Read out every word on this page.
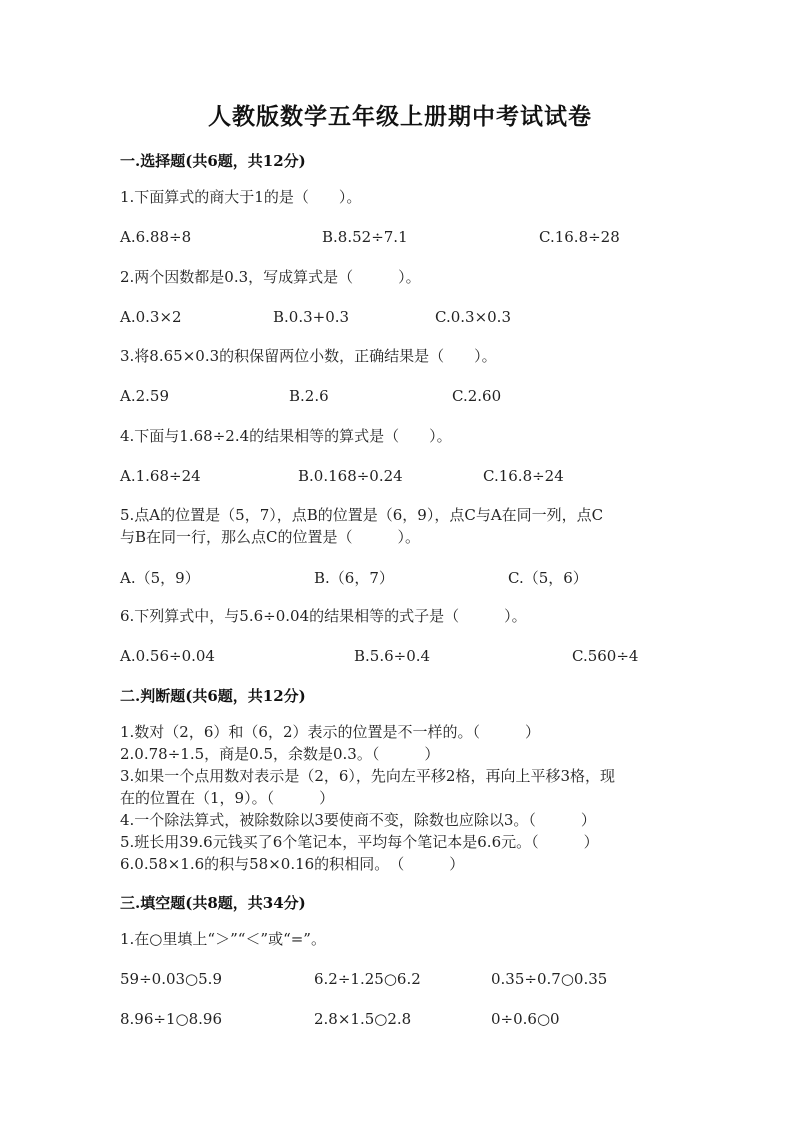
人教版数学五年级上册期中考试试卷
一.选择题(共6题，共12分)
1.下面算式的商大于1的是（　　）。
A.6.88÷8	B.8.52÷7.1	C.16.8÷28
2.两个因数都是0.3，写成算式是（　　　）。
A.0.3×2	B.0.3+0.3	C.0.3×0.3
3.将8.65×0.3的积保留两位小数，正确结果是（　　）。
A.2.59	B.2.6	C.2.60
4.下面与1.68÷2.4的结果相等的算式是（　　）。
A.1.68÷24	B.0.168÷0.24	C.16.8÷24
5.点A的位置是（5，7），点B的位置是（6，9），点C与A在同一列，点C
与B在同一行，那么点C的位置是（　　　）。
A.（5，9）	B.（6，7）	C.（5，6）
6.下列算式中，与5.6÷0.04的结果相等的式子是（　　　）。
A.0.56÷0.04	B.5.6÷0.4	C.560÷4
二.判断题(共6题，共12分)
1.数对（2，6）和（6，2）表示的位置是不一样的。（　　　）
2.0.78÷1.5，商是0.5，余数是0.3。（　　　）
3.如果一个点用数对表示是（2，6），先向左平移2格，再向上平移3格，现
在的位置在（1，9）。（　　　）
4.一个除法算式，被除数除以3要使商不变，除数也应除以3。（　　　）
5.班长用39.6元钱买了6个笔记本，平均每个笔记本是6.6元。（　　　）
6.0.58×1.6的积与58×0.16的积相同。　（　　　）
三.填空题(共8题，共34分)
1.在○里填上“＞”“＜”或“=”。
59÷0.03○5.9	6.2÷1.25○6.2	0.35÷0.7○0.35
8.96÷1○8.96	2.8×1.5○2.8	0÷0.6○0
